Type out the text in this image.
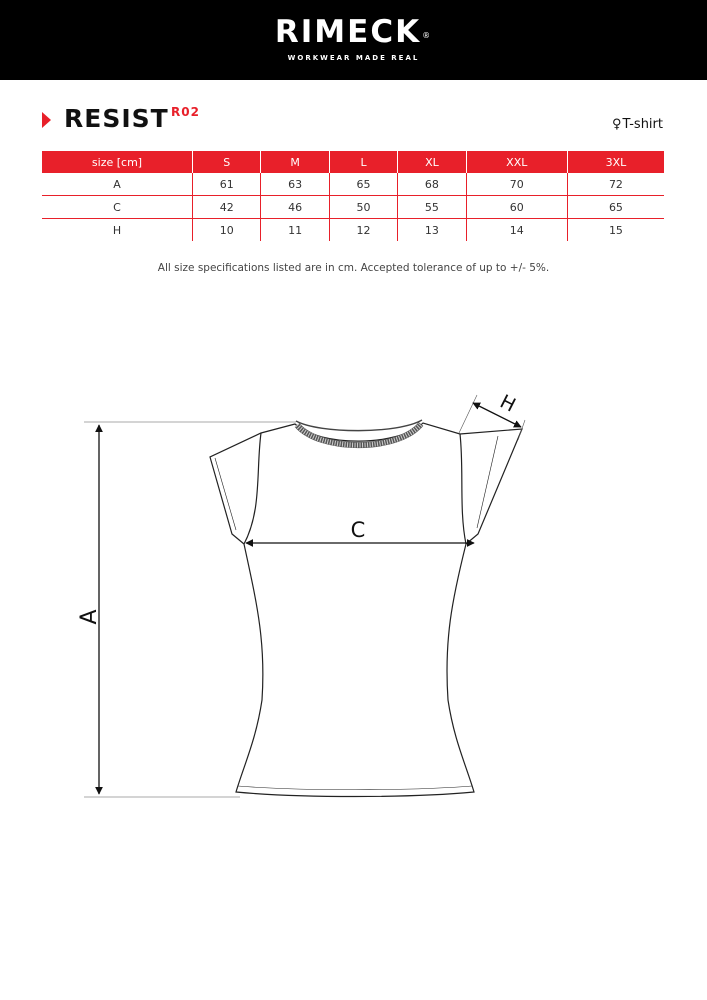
RIMECK®
WORKWEAR MADE REAL
RESIST R02
♀T-shirt
size [cm]	S	M	L	XL	XXL	3XL
A	61	63	65	68	70	72
C	42	46	50	55	60	65
H	10	11	12	13	14	15
All size specifications listed are in cm. Accepted tolerance of up to +/- 5%.
A
C
H
